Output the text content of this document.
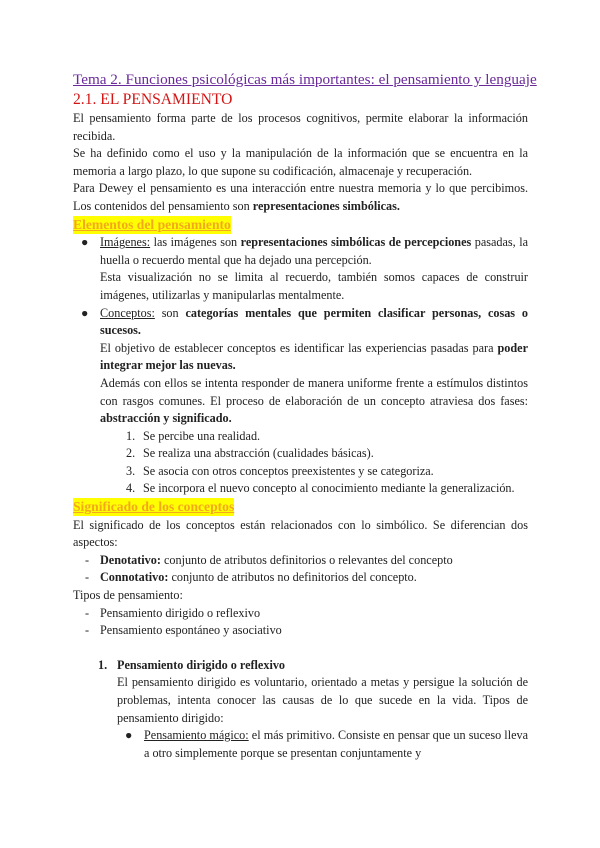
Tema 2. Funciones psicológicas más importantes: el pensamiento y lenguaje

2.1. EL PENSAMIENTO

El pensamiento forma parte de los procesos cognitivos, permite elaborar la información recibida.

Se ha definido como el uso y la manipulación de la información que se encuentra en la memoria a largo plazo, lo que supone su codificación, almacenaje y recuperación.

Para Dewey el pensamiento es una interacción entre nuestra memoria y lo que percibimos. Los contenidos del pensamiento son representaciones simbólicas.

Elementos del pensamiento

● Imágenes: las imágenes son representaciones simbólicas de percepciones pasadas, la huella o recuerdo mental que ha dejado una percepción.

Esta visualización no se limita al recuerdo, también somos capaces de construir imágenes, utilizarlas y manipularlas mentalmente.

● Conceptos: son categorías mentales que permiten clasificar personas, cosas o sucesos.

El objetivo de establecer conceptos es identificar las experiencias pasadas para poder integrar mejor las nuevas.

Además con ellos se intenta responder de manera uniforme frente a estímulos distintos con rasgos comunes. El proceso de elaboración de un concepto atraviesa dos fases: abstracción y significado.

1. Se percibe una realidad.
2. Se realiza una abstracción (cualidades básicas).
3. Se asocia con otros conceptos preexistentes y se categoriza.
4. Se incorpora el nuevo concepto al conocimiento mediante la generalización.

Significado de los conceptos

El significado de los conceptos están relacionados con lo simbólico. Se diferencian dos aspectos:

- Denotativo: conjunto de atributos definitorios o relevantes del concepto
- Connotativo: conjunto de atributos no definitorios del concepto.

Tipos de pensamiento:

- Pensamiento dirigido o reflexivo
- Pensamiento espontáneo y asociativo

1. Pensamiento dirigido o reflexivo

El pensamiento dirigido es voluntario, orientado a metas y persigue la solución de problemas, intenta conocer las causas de lo que sucede en la vida. Tipos de pensamiento dirigido:

● Pensamiento mágico: el más primitivo. Consiste en pensar que un suceso lleva a otro simplemente porque se presentan conjuntamente y
